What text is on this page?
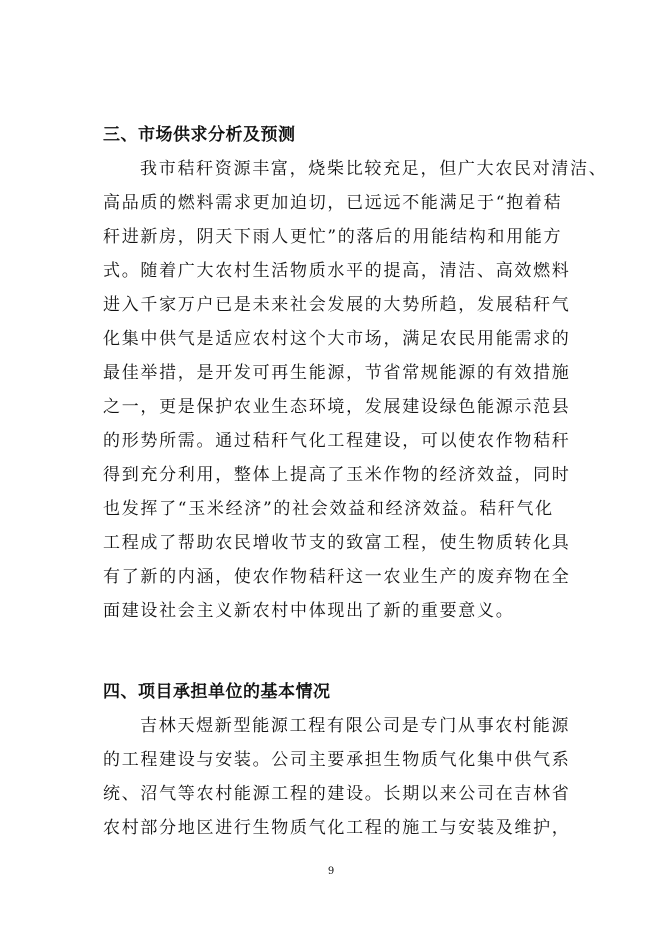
三、市场供求分析及预测

我市秸秆资源丰富，烧柴比较充足，但广大农民对清洁、

高品质的燃料需求更加迫切，已远远不能满足于“抱着秸

秆进新房，阴天下雨人更忙”的落后的用能结构和用能方

式。随着广大农村生活物质水平的提高，清洁、高效燃料

进入千家万户已是未来社会发展的大势所趋，发展秸秆气

化集中供气是适应农村这个大市场，满足农民用能需求的

最佳举措，是开发可再生能源，节省常规能源的有效措施

之一，更是保护农业生态环境，发展建设绿色能源示范县

的形势所需。通过秸秆气化工程建设，可以使农作物秸秆

得到充分利用，整体上提高了玉米作物的经济效益，同时

也发挥了“玉米经济”的社会效益和经济效益。秸秆气化

工程成了帮助农民增收节支的致富工程，使生物质转化具

有了新的内涵，使农作物秸秆这一农业生产的废弃物在全

面建设社会主义新农村中体现出了新的重要意义。

四、项目承担单位的基本情况

吉林天煜新型能源工程有限公司是专门从事农村能源

的工程建设与安装。公司主要承担生物质气化集中供气系

统、沼气等农村能源工程的建设。长期以来公司在吉林省

农村部分地区进行生物质气化工程的施工与安装及维护，

9
